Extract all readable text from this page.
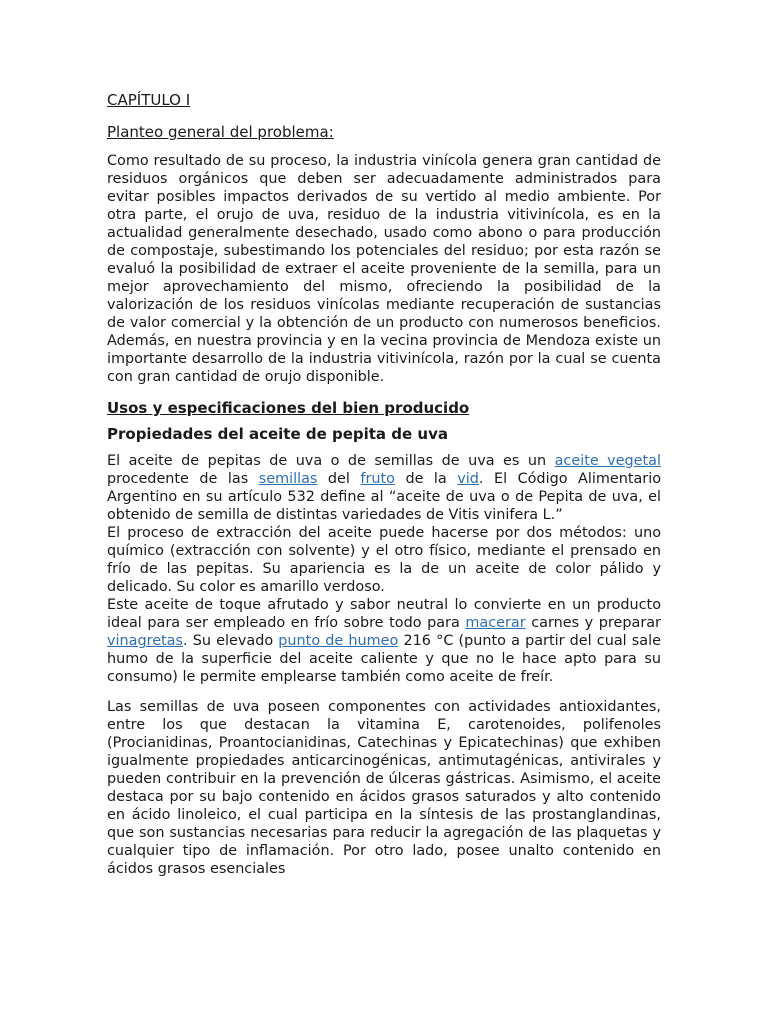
CAPÍTULO I
Planteo general del problema:

Como resultado de su proceso, la industria vinícola genera gran cantidad de residuos orgánicos que deben ser adecuadamente administrados para evitar posibles impactos derivados de su vertido al medio ambiente. Por otra parte, el orujo de uva, residuo de la industria vitivinícola, es en la actualidad generalmente desechado, usado como abono o para producción de compostaje, subestimando los potenciales del residuo; por esta razón se evaluó la posibilidad de extraer el aceite proveniente de la semilla, para un mejor aprovechamiento del mismo, ofreciendo la posibilidad de la valorización de los residuos vinícolas mediante recuperación de sustancias de valor comercial y la obtención de un producto con numerosos beneficios. Además, en nuestra provincia y en la vecina provincia de Mendoza existe un importante desarrollo de la industria vitivinícola, razón por la cual se cuenta con gran cantidad de orujo disponible.

Usos y especificaciones del bien producido
Propiedades del aceite de pepita de uva

El aceite de pepitas de uva o de semillas de uva es un aceite vegetal procedente de las semillas del fruto de la vid. El Código Alimentario Argentino en su artículo 532 define al “aceite de uva o de Pepita de uva, el obtenido de semilla de distintas variedades de Vitis vinifera L.”

El proceso de extracción del aceite puede hacerse por dos métodos: uno químico (extracción con solvente) y el otro físico, mediante el prensado en frío de las pepitas. Su apariencia es la de un aceite de color pálido y delicado. Su color es amarillo verdoso.

Este aceite de toque afrutado y sabor neutral lo convierte en un producto ideal para ser empleado en frío sobre todo para macerar carnes y preparar vinagretas. Su elevado punto de humeo 216 °C (punto a partir del cual sale humo de la superficie del aceite caliente y que no le hace apto para su consumo) le permite emplearse también como aceite de freír.

Las semillas de uva poseen componentes con actividades antioxidantes, entre los que destacan la vitamina E, carotenoides, polifenoles (Procianidinas, Proantocianidinas, Catechinas y Epicatechinas) que exhiben igualmente propiedades anticarcinogénicas, antimutagénicas, antivirales y pueden contribuir en la prevención de úlceras gástricas. Asimismo, el aceite destaca por su bajo contenido en ácidos grasos saturados y alto contenido en ácido linoleico, el cual participa en la síntesis de las prostanglandinas, que son sustancias necesarias para reducir la agregación de las plaquetas y cualquier tipo de inflamación. Por otro lado, posee unalto contenido en ácidos grasos esenciales
